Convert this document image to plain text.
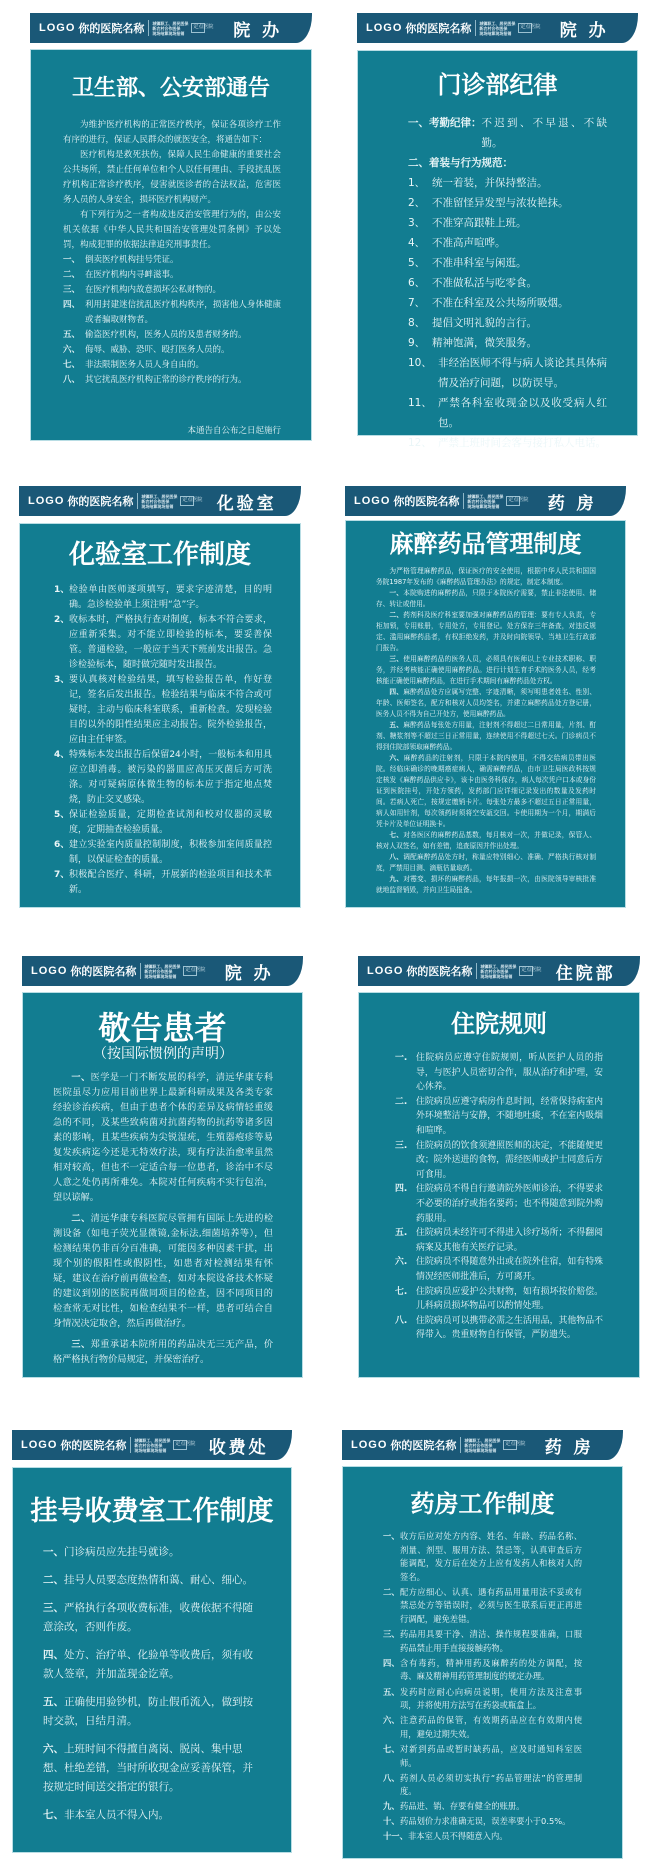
LOGO 你的医院名称 城镇职工、居民医保
新农村合作医保
现场结算现场报销
定点医院	院 办
卫生部、公安部通告
为维护医疗机构的正常医疗秩序，保证各项诊疗工作有序的进行，保证人民群众的就医安全，将通告如下：
医疗机构是救死扶伤，保障人民生命健康的重要社会公共场所，禁止任何单位和个人以任何理由、手段扰乱医疗机构正常诊疗秩序，侵害就医诊者的合法权益，危害医务人员的人身安全，损坏医疗机构财产。
有下列行为之一者构成违反治安管理行为的，由公安机关依据《中华人民共和国治安管理处罚条例》予以处罚，构成犯罪的依据法律追究刑事责任。
一、 倒卖医疗机构挂号凭证。
二、 在医疗机构内寻衅滋事。
三、 在医疗机构内故意损坏公私财物的。
四、 利用封建迷信扰乱医疗机构秩序，损害他人身体健康或者骗取财物者。
五、 偷盗医疗机构，医务人员的及患者财务的。
六、 侮辱、威胁、恐吓、殴打医务人员的。
七、 非法限制医务人员人身自由的。
八、 其它扰乱医疗机构正常的诊疗秩序的行为。
本通告自公布之日起施行
LOGO 你的医院名称 城镇职工、居民医保
新农村合作医保
现场结算现场报销
定点医院	院 办
门诊部纪律
一、考勤纪律： 不迟到、不早退、不缺勤。
二、着装与行为规范：
1、 统一着装，并保持整洁。
2、 不准留怪异发型与浓妆艳抹。
3、 不准穿高跟鞋上班。
4、 不准高声喧哗。
5、 不准串科室与闲逛。
6、 不准做私活与吃零食。
7、 不准在科室及公共场所吸烟。
8、 提倡文明礼貌的言行。
9、 精神饱满，微笑服务。
10、 非经治医师不得与病人谈论其具体病情及治疗问题，以防误导。
11、 严禁各科室收现金以及收受病人红包。
12、 严禁上班时间会客与接打私人电话。
LOGO 你的医院名称 城镇职工、居民医保
新农村合作医保
现场结算现场报销
定点医院 化验室
化验室工作制度
1、 检验单由医师逐项填写，要求字迹清楚，目的明确。急诊检验单上须注明“急”字。
2、 收标本时，严格执行查对制度，标本不符合要求，应重新采集。对不能立即检验的标本，要妥善保管。普通检验，一般应于当天下班前发出报告。急诊检验标本，随时做完随时发出报告。
3、 要认真核对检验结果，填写检验报告单，作好登记，签名后发出报告。检验结果与临床不符合或可疑时，主动与临床科室联系，重新检查。发现检验目的以外的阳性结果应主动报告。院外检验报告，应由主任审签。
4、 特殊标本发出报告后保留24小时，一般标本和用具应立即消毒。被污染的器皿应高压灭菌后方可洗涤。对可疑病原体微生物的标本应于指定地点焚烧，防止交叉感染。
5、 保证检验质量，定期检查试剂和校对仪器的灵敏度，定期抽查检验质量。
6、 建立实验室内质量控制制度，积极参加室间质量控制，以保证检查的质量。
7、 积极配合医疗、科研，开展新的检验项目和技术革新。
LOGO 你的医院名称 城镇职工、居民医保
新农村合作医保
现场结算现场报销
定点医院	药 房
麻醉药品管理制度
为严格管理麻醉药品，保证医疗的安全使用，根据中华人民共和国国务院1987年发布的《麻醉药品管理办法》的规定，制定本制度。
一、本院购进的麻醉药品，只限于本院医疗需要，禁止非法使用、储存、转让或借用。
二、药剂科及医疗科室要加强对麻醉药品的管理：要有专人负责，专柜加锁，专用账册，专用处方，专用登记。处方保存三年备查，对违反规定、滥用麻醉药品者，有权拒绝发药，并及时向院领导、当地卫生行政部门报告。
三、使用麻醉药品的医务人员，必须具有医师以上专业技术职称、职务，并经考核能正确使用麻醉药品。进行计划生育手术的医务人员，经考核能正确使用麻醉药品，在进行手术期间有麻醉药品处方权。
四、麻醉药品处方应属写完整、字迹清晰，须写明患者姓名、性别、年龄、医师签名，配方和核对人员均签名，并建立麻醉药品处方登记册，医务人员不得为自己开处方，使用麻醉药品。
五、麻醉药品每张处方用量，注射剂不得超过二日常用量，片剂、酊剂、糖浆剂等不超过三日正常用量，连续使用不得超过七天。门诊病员不得到住院部领取麻醉药品。
六、麻醉药品的注射剂，只限于本院内使用，不得交给病员带出医院。经临床确诊的晚期癌症病人，确需麻醉药品，由市卫生局医政科按规定核发《麻醉药品供应卡》，该卡由医务科保存，病人每次凭户口本或身份证到医院挂号，开处方领药，发药部门应详细记录发出的数量及发药时间。若病人死亡，按规定缴销卡片。每张处方最多不超过五日正常用量，病人如用针剂，每次领药时须将空安瓿交回。卡使用期为一个月，期满后凭卡片及单位证明换卡。
七、对各医区的麻醉药品基数，每月核对一次，并做记录，保管人、核对人双签名，如有差错，追查原因并作出处理。
八、调配麻醉药品处方时，称量应特别细心、准确、严格执行核对制度，严禁用目测、滴瓶估量取药。
九、对霉变、损坏的麻醉药品，每年报损一次，由医院领导审核批准就地监督销毁，并向卫生局报备。
LOGO 你的医院名称 城镇职工、居民医保
新农村合作医保
现场结算现场报销
定点医院	院 办
敬告患者
（按国际惯例的声明）
一、医学是一门不断发展的科学，清远华康专科医院虽尽力应用目前世界上最新科研成果及各类专家经验诊治疾病，但由于患者个体的差异及病情轻重缓急的不同，及某些致病菌对抗菌药物的抗药等诸多因素的影响，且某些疾病为尖锐湿疣，生殖器疱疹等易复发疾病迄今还是无特效疗法，现有疗法治愈率虽然相对较高，但也不一定适合每一位患者，诊治中不尽人意之处仍再所难免。本院对任何疾病不实行包治，望以谅解。
二、清远华康专科医院尽管拥有国际上先进的检测设备（如电子荧光显微镜,金标法,细菌培养等），但检测结果仍非百分百准确，可能因多种因素干扰，出现个别的假阳性或假阴性，如患者对检测结果有怀疑，建议在治疗前再做检查，如对本院设备技术怀疑的建议到别的医院再做同项目的检查，因不同项目的检查常无对比性，如检查结果不一样，患者可结合自身情况决定取舍，然后再做治疗。
三、郑重承诺本院所用的药品决无三无产品，价格严格执行物价局规定，并保密治疗。
LOGO 你的医院名称 城镇职工、居民医保
新农村合作医保
现场结算现场报销
定点医院 住院部
住院规则
一. 住院病员应遵守住院规则，听从医护人员的指导，与医护人员密切合作，服从治疗和护理，安心休养。
二. 住院病员应遵守病房作息时间，经常保持病室内外环境整洁与安静，不随地吐痰，不在室内吸烟和喧哗。
三. 住院病员的饮食须遵照医师的决定，不能随便更改；院外送进的食物，需经医师或护士同意后方可食用。
四. 住院病员不得自行邀请院外医师诊治，不得要求不必要的治疗或指名要药；也不得随意到院外购药服用。
五. 住院病员未经许可不得进入诊疗场所；不得翻阅病案及其他有关医疗记录。
六. 住院病员不得随意外出或在院外住宿，如有特殊情况经医师批准后，方可离开。
七. 住院病员应爱护公共财物，如有损坏按价赔偿。儿科病员损坏物品可以酌情处理。
八. 住院病员可以携带必需之生活用品，其他物品不得带入。贵重财物自行保管，严防遗失。
LOGO 你的医院名称 城镇职工、居民医保
新农村合作医保
现场结算现场报销
定点医院 收费处
挂号收费室工作制度
一、门诊病员应先挂号就诊。
二、挂号人员要态度热情和蔼、耐心、细心。
三、严格执行各项收费标准，收费依据不得随意涂改，否则作废。
四、处方、治疗单、化验单等收费后，须有收款人签章，并加盖现金讫章。
五、正确使用验钞机，防止假币流入，做到按时交款，日结月清。
六、上班时间不得擅自离岗、脱岗、集中思想、杜绝差错，当时所收现金应妥善保管，并按规定时间送交指定的银行。
七、非本室人员不得入内。
LOGO 你的医院名称 城镇职工、居民医保
新农村合作医保
现场结算现场报销
定点医院	药 房
药房工作制度
一、 收方后应对处方内容、姓名、年龄、药品名称、剂量、剂型、服用方法、禁忌等，认真审查后方能调配，发方后在处方上应有发药人和核对人的签名。
二、 配方应细心、认真、遇有药品用量用法不妥或有禁忌处方等错误时，必须与医生联系后更正再进行调配，避免差错。
三、 药品用具要干净、清洁、操作规程要准确，口服药品禁止用手直接接触药物。
四、 含有毒药，精神用药及麻醉药的处方调配，按毒、麻及精神用药管理制度的规定办理。
五、 发药时应耐心向病员说明，使用方法及注意事项，并将使用方法写在药袋或瓶盒上。
六、 注意药品的保管，有效期药品应在有效期内使用，避免过期失效。
七、 对新到药品或暂时缺药品，应及时通知科室医师。
八、 药剂人员必须切实执行“药品管理法”的管理制度。
九、 药品进、销、存要有健全的账册。
十、 药品划价力求准确无误，误差率要小于0.5%。
十一、 非本室人员不得随意入内。
